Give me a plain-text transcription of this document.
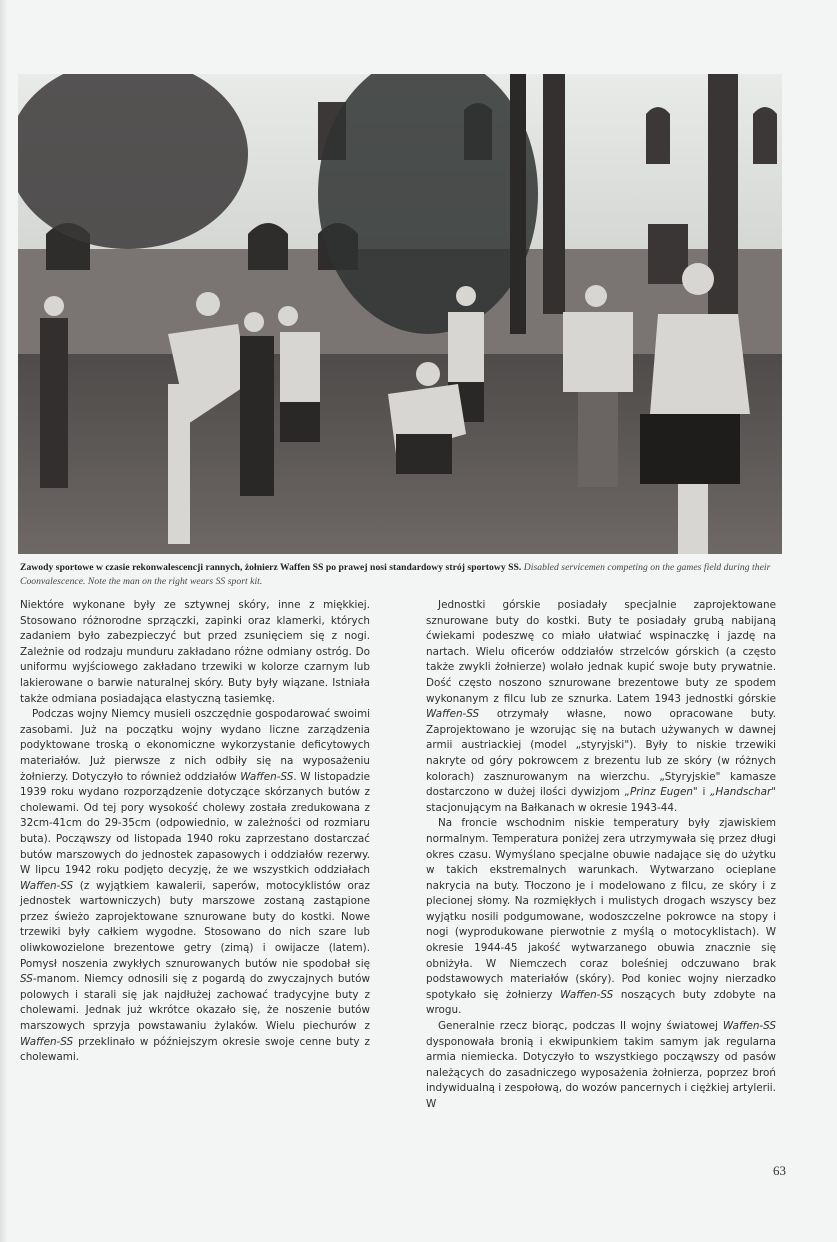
Zawody sportowe w czasie rekonwalescencji rannych, żołnierz Waffen SS po prawej nosi standardowy strój sportowy SS. Disabled servicemen competing on the games field during their Coonvalescence. Note the man on the right wears SS sport kit.

Niektóre wykonane były ze sztywnej skóry, inne z miękkiej. Stosowano różnorodne sprzączki, zapinki oraz klamerki, których zadaniem było zabezpieczyć but przed zsunięciem się z nogi. Zależnie od rodzaju munduru zakładano różne odmiany ostróg. Do uniformu wyjściowego zakładano trzewiki w kolorze czarnym lub lakierowane o barwie naturalnej skóry. Buty były wiązane. Istniała także odmiana posiadająca elastyczną tasiemkę.

Podczas wojny Niemcy musieli oszczędnie gospodarować swoimi zasobami. Już na początku wojny wydano liczne zarządzenia podyktowane troską o ekonomiczne wykorzystanie deficytowych materiałów. Już pierwsze z nich odbiły się na wyposażeniu żołnierzy. Dotyczyło to również oddziałów Waffen-SS. W listopadzie 1939 roku wydano rozporządzenie dotyczące skórzanych butów z cholewami. Od tej pory wysokość cholewy została zredukowana z 32cm-41cm do 29-35cm (odpowiednio, w zależności od rozmiaru buta). Począwszy od listopada 1940 roku zaprzestano dostarczać butów marszowych do jednostek zapasowych i oddziałów rezerwy. W lipcu 1942 roku podjęto decyzję, że we wszystkich oddziałach Waffen-SS (z wyjątkiem kawalerii, saperów, motocyklistów oraz jednostek wartowniczych) buty marszowe zostaną zastąpione przez świeżo zaprojektowane sznurowane buty do kostki. Nowe trzewiki były całkiem wygodne. Stosowano do nich szare lub oliwkowozielone brezentowe getry (zimą) i owijacze (latem). Pomysł noszenia zwykłych sznurowanych butów nie spodobał się SS-manom. Niemcy odnosili się z pogardą do zwyczajnych butów polowych i starali się jak najdłużej zachować tradycyjne buty z cholewami. Jednak już wkrótce okazało się, że noszenie butów marszowych sprzyja powstawaniu żylaków. Wielu piechurów z Waffen-SS przeklinało w późniejszym okresie swoje cenne buty z cholewami.

Jednostki górskie posiadały specjalnie zaprojektowane sznurowane buty do kostki. Buty te posiadały grubą nabijaną ćwiekami podeszwę co miało ułatwiać wspinaczkę i jazdę na nartach. Wielu oficerów oddziałów strzelców górskich (a często także zwykli żołnierze) wolało jednak kupić swoje buty prywatnie. Dość często noszono sznurowane brezentowe buty ze spodem wykonanym z filcu lub ze sznurka. Latem 1943 jednostki górskie Waffen-SS otrzymały własne, nowo opracowane buty. Zaprojektowano je wzorując się na butach używanych w dawnej armii austriackiej (model „styryjski"). Były to niskie trzewiki nakryte od góry pokrowcem z brezentu lub ze skóry (w różnych kolorach) zasznurowanym na wierzchu. „Styryjskie" kamasze dostarczono w dużej ilości dywizjom „Prinz Eugen" i „Handschar" stacjonującym na Bałkanach w okresie 1943-44.

Na froncie wschodnim niskie temperatury były zjawiskiem normalnym. Temperatura poniżej zera utrzymywała się przez długi okres czasu. Wymyślano specjalne obuwie nadające się do użytku w takich ekstremalnych warunkach. Wytwarzano ocieplane nakrycia na buty. Tłoczono je i modelowano z filcu, ze skóry i z plecionej słomy. Na rozmiękłych i mulistych drogach wszyscy bez wyjątku nosili podgumowane, wodoszczelne pokrowce na stopy i nogi (wyprodukowane pierwotnie z myślą o motocyklistach). W okresie 1944-45 jakość wytwarzanego obuwia znacznie się obniżyła. W Niemczech coraz boleśniej odczuwano brak podstawowych materiałów (skóry). Pod koniec wojny nierzadko spotykało się żołnierzy Waffen-SS noszących buty zdobyte na wrogu.

Generalnie rzecz biorąc, podczas II wojny światowej Waffen-SS dysponowała bronią i ekwipunkiem takim samym jak regularna armia niemiecka. Dotyczyło to wszystkiego począwszy od pasów należących do zasadniczego wyposażenia żołnierza, poprzez broń indywidualną i zespołową, do wozów pancernych i ciężkiej artylerii. W

63
